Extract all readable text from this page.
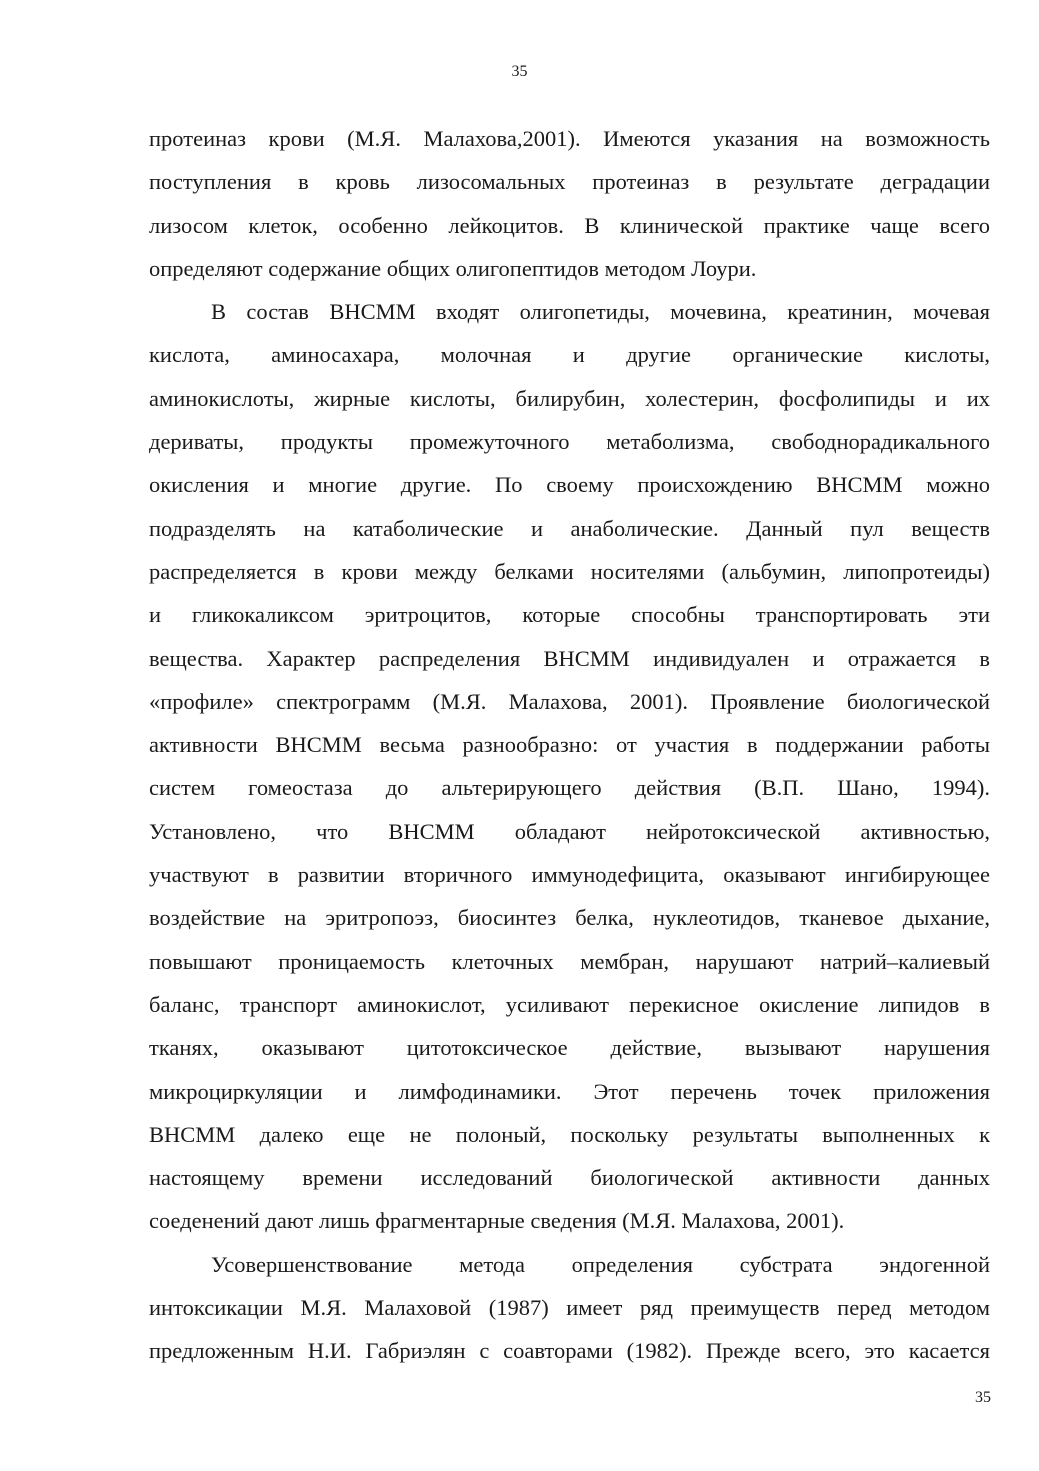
35
протеиназ крови (М.Я. Малахова,2001). Имеются указания на возможность
поступления в кровь лизосомальных протеиназ в результате деградации
лизосом клеток, особенно лейкоцитов. В клинической практике чаще всего
определяют содержание общих олигопептидов методом Лоури.
В состав ВНСММ входят олигопетиды, мочевина, креатинин, мочевая
кислота, аминосахара, молочная и другие органические кислоты,
аминокислоты, жирные кислоты, билирубин, холестерин, фосфолипиды и их
дериваты, продукты промежуточного метаболизма, свободнорадикального
окисления и многие другие. По своему происхождению ВНСММ можно
подразделять на катаболические и анаболические. Данный пул веществ
распределяется в крови между белками носителями (альбумин, липопротеиды)
и гликокаликсом эритроцитов, которые способны транспортировать эти
вещества. Характер распределения ВНСММ индивидуален и отражается в
«профиле» спектрограмм (М.Я. Малахова, 2001). Проявление биологической
активности ВНСММ весьма разнообразно: от участия в поддержании работы
систем гомеостаза до альтерирующего действия (В.П. Шано, 1994).
Установлено, что ВНСММ обладают нейротоксической активностью,
участвуют в развитии вторичного иммунодефицита, оказывают ингибирующее
воздействие на эритропоэз, биосинтез белка, нуклеотидов, тканевое дыхание,
повышают проницаемость клеточных мембран, нарушают натрий–калиевый
баланс, транспорт аминокислот, усиливают перекисное окисление липидов в
тканях, оказывают цитотоксическое действие, вызывают нарушения
микроциркуляции и лимфодинамики. Этот перечень точек приложения
ВНСММ далеко еще не полоный, поскольку результаты выполненных к
настоящему времени исследований биологической активности данных
соеденений дают лишь фрагментарные сведения (М.Я. Малахова, 2001).
Усовершенствование метода определения субстрата эндогенной
интоксикации М.Я. Малаховой (1987) имеет ряд преимуществ перед методом
предложенным Н.И. Габриэлян с соавторами (1982). Прежде всего, это касается
35
